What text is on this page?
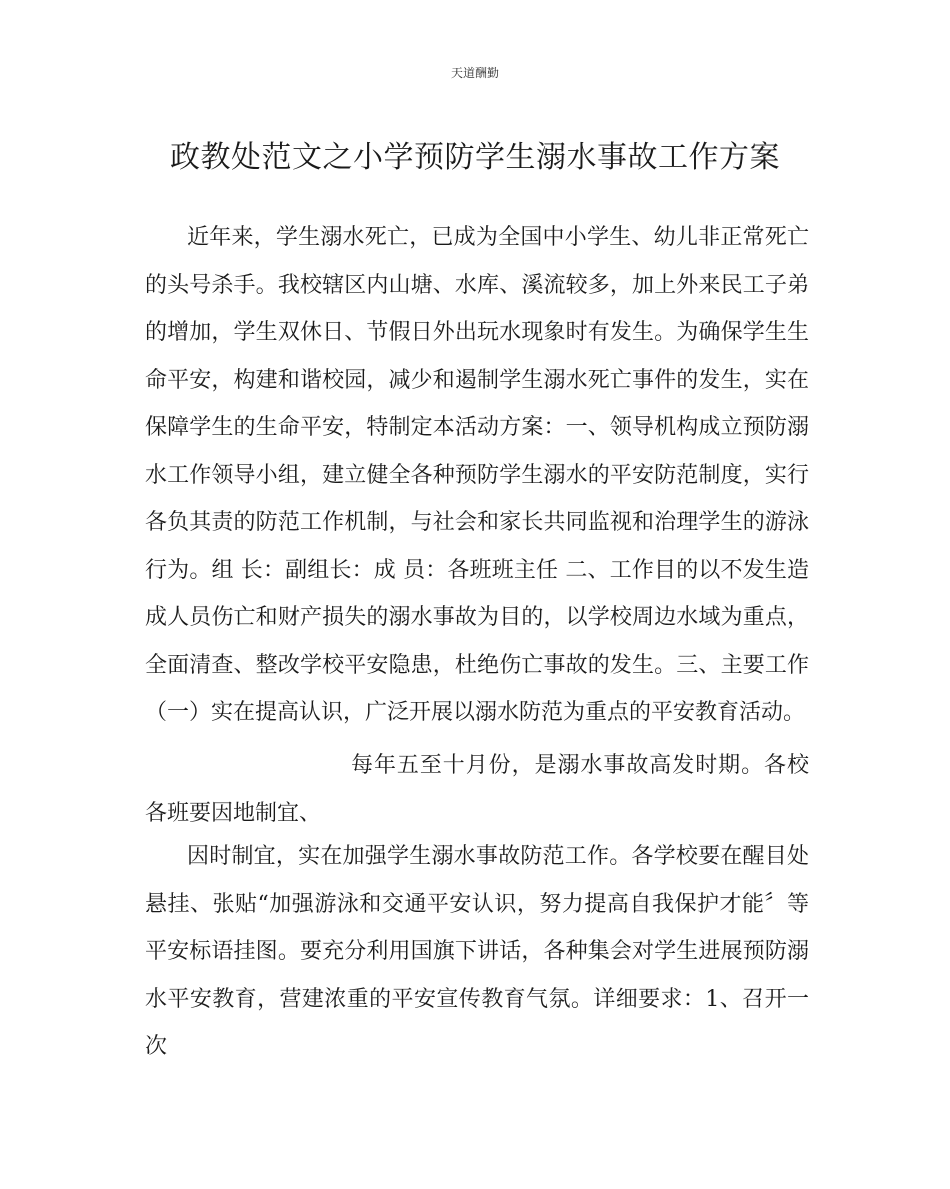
天道酬勤
政教处范文之小学预防学生溺水事故工作方案

近年来，学生溺水死亡，已成为全国中小学生、幼儿非正常死亡的头号杀手。我校辖区内山塘、水库、溪流较多，加上外来民工子弟的增加，学生双休日、节假日外出玩水现象时有发生。为确保学生生命平安，构建和谐校园，减少和遏制学生溺水死亡事件的发生，实在保障学生的生命平安，特制定本活动方案：一、领导机构成立预防溺水工作领导小组，建立健全各种预防学生溺水的平安防范制度，实行各负其责的防范工作机制，与社会和家长共同监视和治理学生的游泳行为。组 长：副组长：成 员：各班班主任 二、工作目的以不发生造成人员伤亡和财产损失的溺水事故为目的，以学校周边水域为重点，全面清查、整改学校平安隐患，杜绝伤亡事故的发生。三、主要工作（一）实在提高认识，广泛开展以溺水防范为重点的平安教育活动。

每年五至十月份，是溺水事故高发时期。各校各班要因地制宜、

因时制宜，实在加强学生溺水事故防范工作。各学校要在醒目处悬挂、张贴“加强游泳和交通平安认识，努力提高自我保护才能〞等平安标语挂图。要充分利用国旗下讲话，各种集会对学生进展预防溺水平安教育，营建浓重的平安宣传教育气氛。详细要求：1、召开一次
